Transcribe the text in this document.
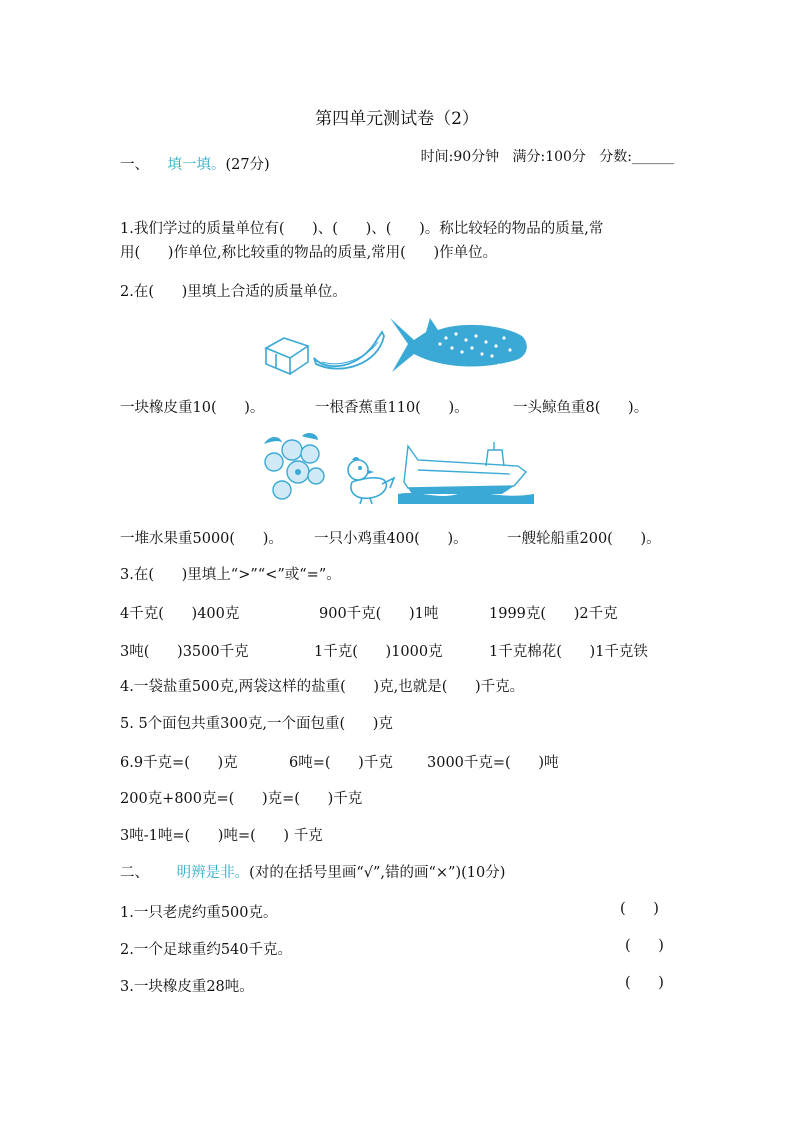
第四单元测试卷（2）
时间:90分钟   满分:100分   分数:______
一、 填一填。(27分)
1.我们学过的质量单位有(      )、(      )、(      )。称比较轻的物品的质量,常
用(      )作单位,称比较重的物品的质量,常用(      )作单位。
2.在(      )里填上合适的质量单位。
一块橡皮重10(      )。	一根香蕉重110(      )。	一头鲸鱼重8(      )。
一堆水果重5000(      )。 一只小鸡重400(      )。	一艘轮船重200(      )。
3.在(      )里填上“>”“<”或“=”。
4千克(      )400克	900千克(      )1吨	1999克(      )2千克
3吨(      )3500千克	1千克(      )1000克	1千克棉花(      )1千克铁
4.一袋盐重500克,两袋这样的盐重(      )克,也就是(      )千克。
5. 5个面包共重300克,一个面包重(      )克
6.9千克=(      )克	6吨=(      )千克 3000千克=(      )吨
200克+800克=(      )克=(      )千克
3吨-1吨=(      )吨=(      ) 千克
二、 明辨是非。(对的在括号里画“√”,错的画“×”)(10分)
1.一只老虎约重500克。	(      )
2.一个足球重约540千克。	(      )
3.一块橡皮重28吨。	(      )
